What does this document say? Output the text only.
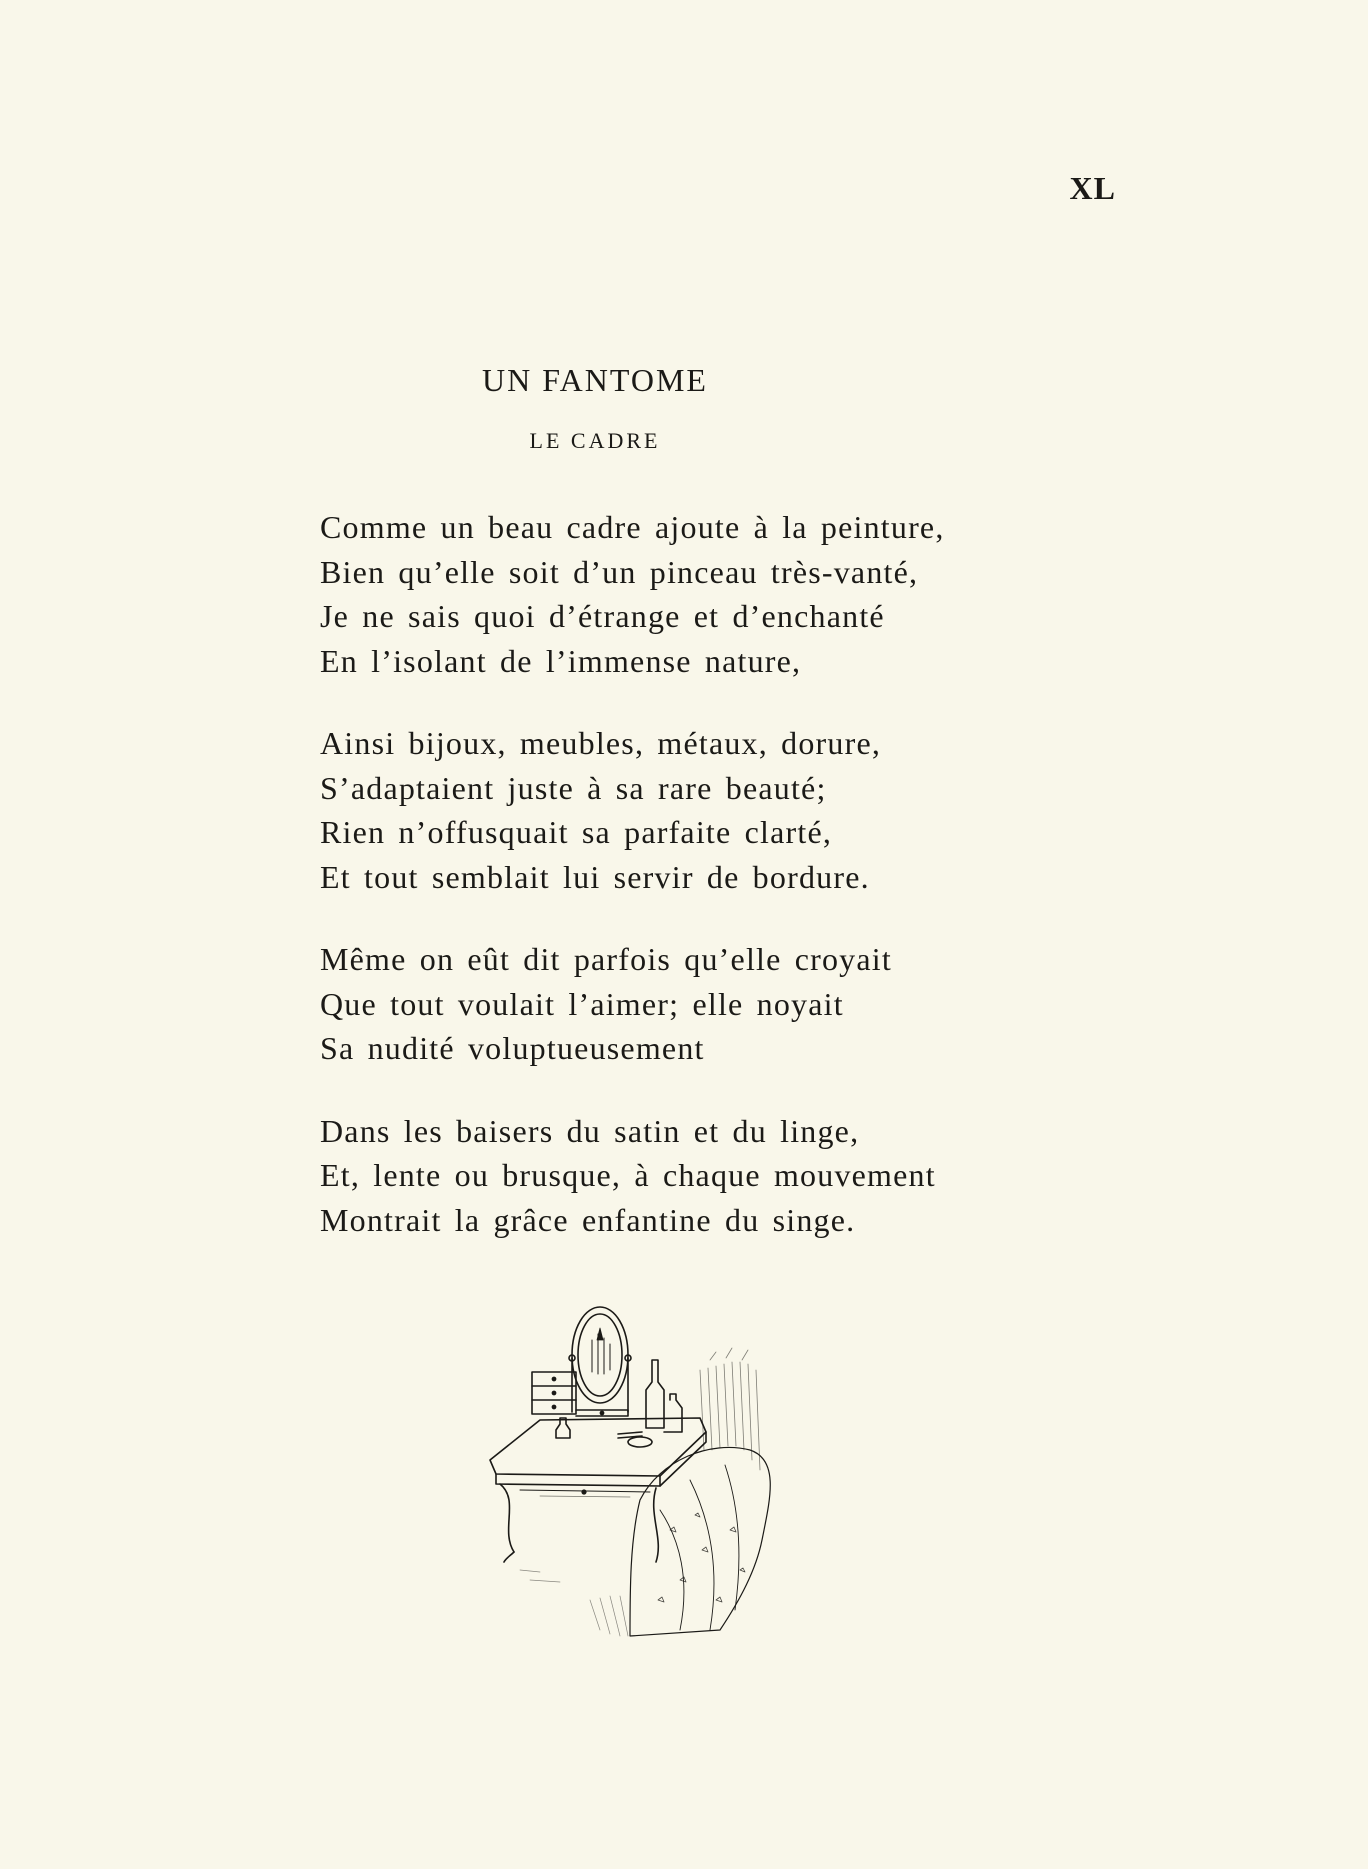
XL
UN FANTOME
LE CADRE
Comme un beau cadre ajoute à la peinture,
Bien qu’elle soit d’un pinceau très-vanté,
Je ne sais quoi d’étrange et d’enchanté
En l’isolant de l’immense nature,
Ainsi bijoux, meubles, métaux, dorure,
S’adaptaient juste à sa rare beauté;
Rien n’offusquait sa parfaite clarté,
Et tout semblait lui servir de bordure.
Même on eût dit parfois qu’elle croyait
Que tout voulait l’aimer; elle noyait
Sa nudité voluptueusement
Dans les baisers du satin et du linge,
Et, lente ou brusque, à chaque mouvement
Montrait la grâce enfantine du singe.
